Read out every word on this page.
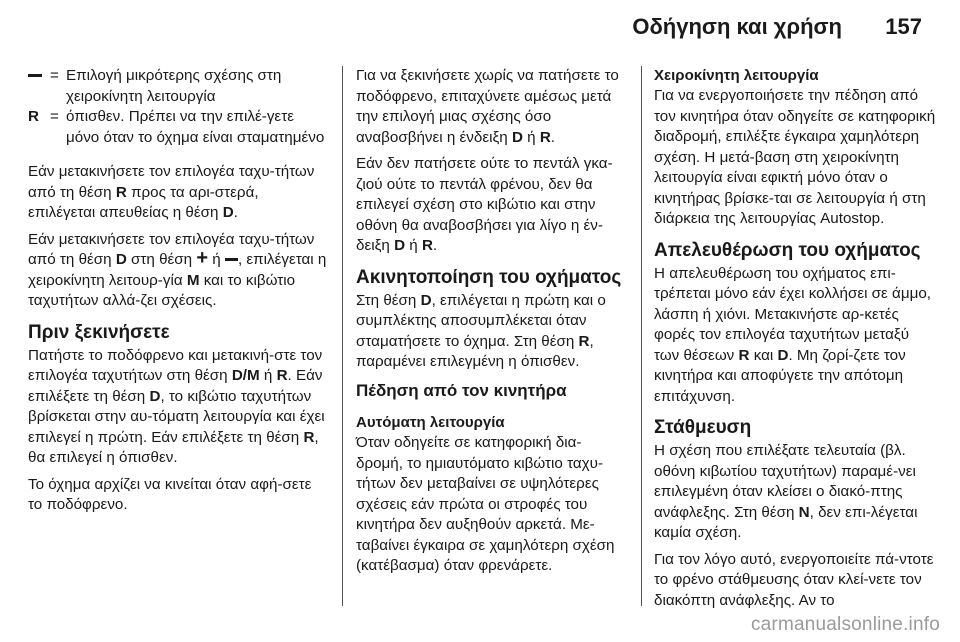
Οδήγηση και χρήση 157
= Επιλογή μικρότερης σχέσης στη χειροκίνητη λειτουργία
R = όπισθεν. Πρέπει να την επιλέ-γετε μόνο όταν το όχημα είναι σταματημένο

Εάν μετακινήσετε τον επιλογέα ταχυ-τήτων από τη θέση R προς τα αρι-στερά, επιλέγεται απευθείας η θέση D.

Εάν μετακινήσετε τον επιλογέα ταχυ-τήτων από τη θέση D στη θέση + ή , επιλέγεται η χειροκίνητη λειτουρ-γία M και το κιβώτιο ταχυτήτων αλλά-ζει σχέσεις.

Πριν ξεκινήσετε

Πατήστε το ποδόφρενο και μετακινή-στε τον επιλογέα ταχυτήτων στη θέση D/M ή R. Εάν επιλέξετε τη θέση D, το κιβώτιο ταχυτήτων βρίσκεται στην αυ-τόματη λειτουργία και έχει επιλεγεί η πρώτη. Εάν επιλέξετε τη θέση R, θα επιλεγεί η όπισθεν.

Το όχημα αρχίζει να κινείται όταν αφή-σετε το ποδόφρενο.

Για να ξεκινήσετε χωρίς να πατήσετε το ποδόφρενο, επιταχύνετε αμέσως μετά την επιλογή μιας σχέσης όσο αναβοσβήνει η ένδειξη D ή R.

Εάν δεν πατήσετε ούτε το πεντάλ γκα-ζιού ούτε το πεντάλ φρένου, δεν θα επιλεγεί σχέση στο κιβώτιο και στην οθόνη θα αναβοσβήσει για λίγο η έν-δειξη D ή R.

Ακινητοποίηση του οχήματος

Στη θέση D, επιλέγεται η πρώτη και ο συμπλέκτης αποσυμπλέκεται όταν σταματήσετε το όχημα. Στη θέση R, παραμένει επιλεγμένη η όπισθεν.

Πέδηση από τον κινητήρα
Αυτόματη λειτουργία

Όταν οδηγείτε σε κατηφορική δια-δρομή, το ημιαυτόματο κιβώτιο ταχυ-τήτων δεν μεταβαίνει σε υψηλότερες σχέσεις εάν πρώτα οι στροφές του κινητήρα δεν αυξηθούν αρκετά. Με-ταβαίνει έγκαιρα σε χαμηλότερη σχέση (κατέβασμα) όταν φρενάρετε.

Χειροκίνητη λειτουργία

Για να ενεργοποιήσετε την πέδηση από τον κινητήρα όταν οδηγείτε σε κατηφορική διαδρομή, επιλέξτε έγκαιρα χαμηλότερη σχέση. Η μετά-βαση στη χειροκίνητη λειτουργία είναι εφικτή μόνο όταν ο κινητήρας βρίσκε-ται σε λειτουργία ή στη διάρκεια της λειτουργίας Autostop.

Απελευθέρωση του οχήματος

Η απελευθέρωση του οχήματος επι-τρέπεται μόνο εάν έχει κολλήσει σε άμμο, λάσπη ή χιόνι. Μετακινήστε αρ-κετές φορές τον επιλογέα ταχυτήτων μεταξύ των θέσεων R και D. Μη ζορί-ζετε τον κινητήρα και αποφύγετε την απότομη επιτάχυνση.

Στάθμευση

Η σχέση που επιλέξατε τελευταία (βλ. οθόνη κιβωτίου ταχυτήτων) παραμέ-νει επιλεγμένη όταν κλείσει ο διακό-πτης ανάφλεξης. Στη θέση N, δεν επι-λέγεται καμία σχέση.

Για τον λόγο αυτό, ενεργοποιείτε πά-ντοτε το φρένο στάθμευσης όταν κλεί-νετε τον διακόπτη ανάφλεξης. Αν το

carmanualsonline.info
